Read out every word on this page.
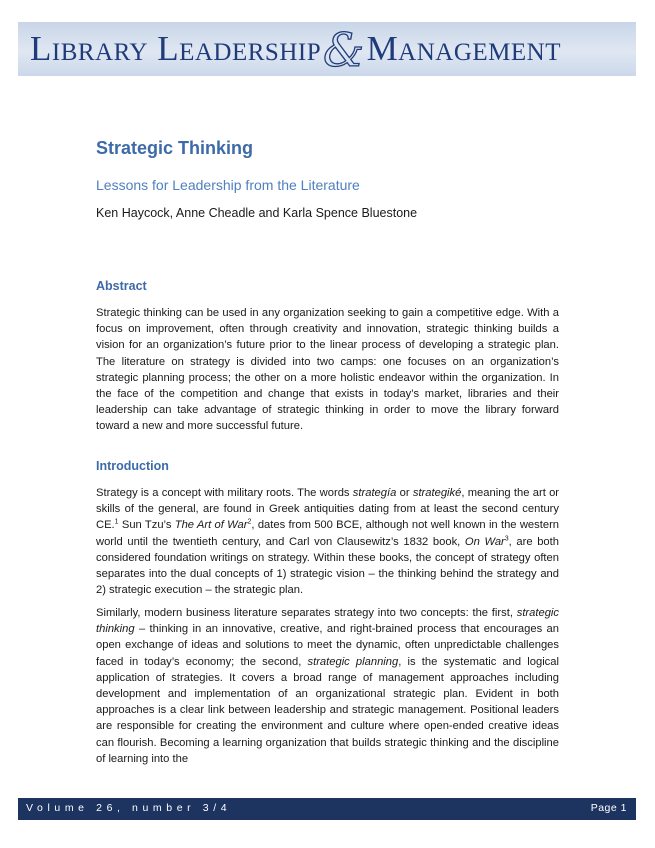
Library Leadership&Management
Strategic Thinking
Lessons for Leadership from the Literature

Ken Haycock, Anne Cheadle and Karla Spence Bluestone

Abstract

Strategic thinking can be used in any organization seeking to gain a competitive edge. With a focus on improvement, often through creativity and innovation, strategic thinking builds a vision for an organization’s future prior to the linear process of developing a strategic plan. The literature on strategy is divided into two camps: one focuses on an organization’s strategic planning process; the other on a more holistic endeavor within the organization. In the face of the competition and change that exists in today’s market, libraries and their leadership can take advantage of strategic thinking in order to move the library forward toward a new and more successful future.

Introduction

Strategy is a concept with military roots. The words strategía or strategiké, meaning the art or skills of the general, are found in Greek antiquities dating from at least the second century CE.$^1$ Sun Tzu’s The Art of War$^2$, dates from 500 BCE, although not well known in the western world until the twentieth century, and Carl von Clausewitz’s 1832 book, On War$^3$, are both considered foundation writings on strategy. Within these books, the concept of strategy often separates into the dual concepts of 1) strategic vision – the thinking behind the strategy and 2) strategic execution – the strategic plan.

Similarly, modern business literature separates strategy into two concepts: the first, strategic thinking – thinking in an innovative, creative, and right-brained process that encourages an open exchange of ideas and solutions to meet the dynamic, often unpredictable challenges faced in today’s economy; the second, strategic planning, is the systematic and logical application of strategies. It covers a broad range of management approaches including development and implementation of an organizational strategic plan. Evident in both approaches is a clear link between leadership and strategic management. Positional leaders are responsible for creating the environment and culture where open-ended creative ideas can flourish. Becoming a learning organization that builds strategic thinking and the discipline of learning into the

Volume 26, number 3/4	Page 1
